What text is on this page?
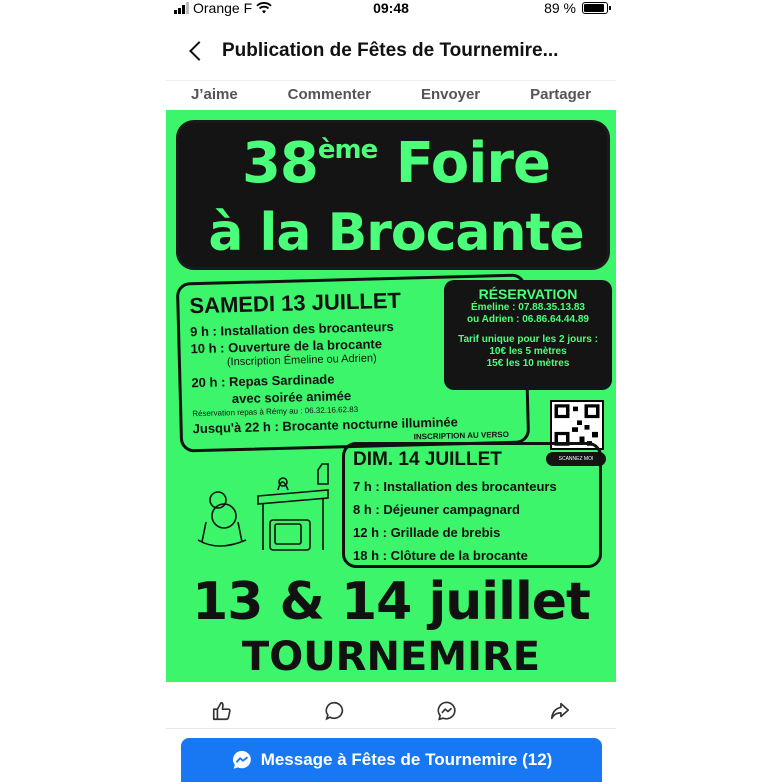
Orange F	09:48	89 %
Publication de Fêtes de Tournemire...
J’aime	Commenter	Envoyer	Partager
38ème Foire
à la Brocante
SAMEDI 13 JUILLET
9 h : Installation des brocanteurs
10 h : Ouverture de la brocante
(Inscription Émeline ou Adrien)
20 h : Repas Sardinade
avec soirée animée
Réservation repas à Rémy au : 06.32.16.62.83
Jusqu'à 22 h : Brocante nocturne illuminée
INSCRIPTION AU VERSO
RÉSERVATION
Émeline : 07.88.35.13.83
ou Adrien : 06.86.64.44.89
Tarif unique pour les 2 jours :
10€ les 5 mètres
15€ les 10 mètres
SCANNEZ MOI
DIM. 14 JUILLET
7 h : Installation des brocanteurs
8 h : Déjeuner campagnard
12 h : Grillade de brebis
18 h : Clôture de la brocante
13 & 14 juillet
TOURNEMIRE
Message à Fêtes de Tournemire (12)
